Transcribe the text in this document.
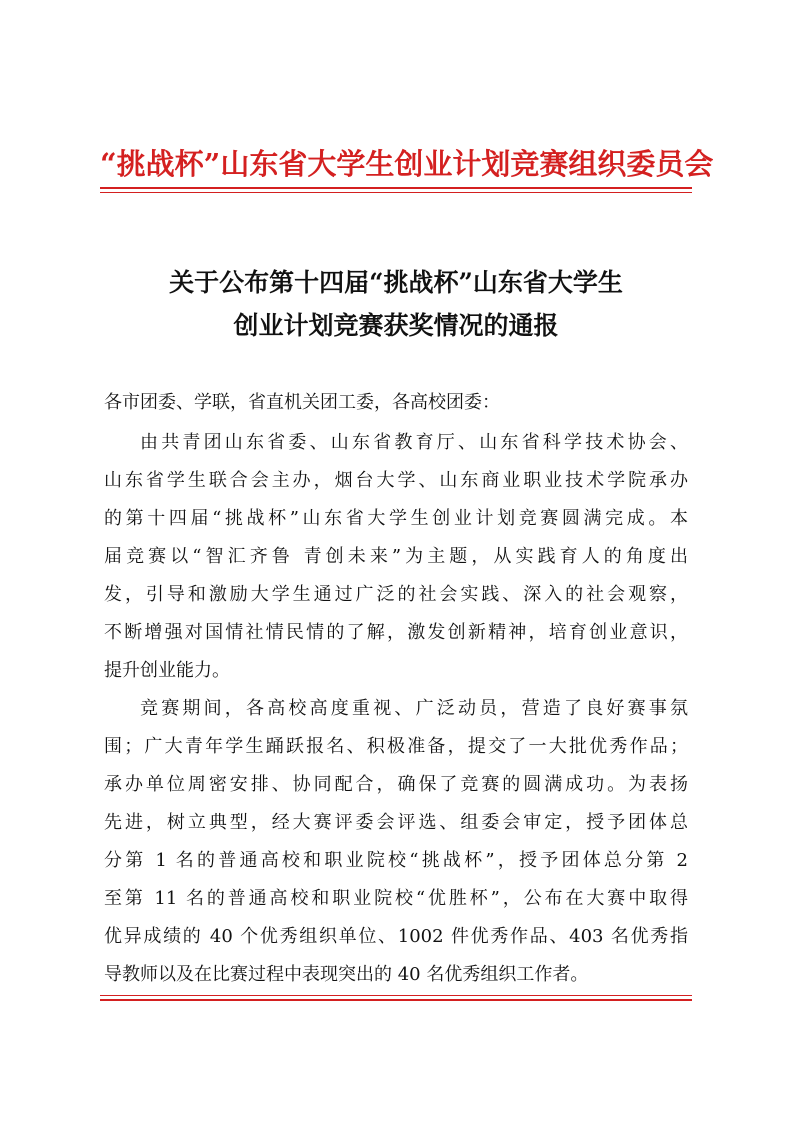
“挑战杯”山东省大学生创业计划竞赛组织委员会
关于公布第十四届“挑战杯”山东省大学生
创业计划竞赛获奖情况的通报
各市团委、学联，省直机关团工委，各高校团委：
由共青团山东省委、山东省教育厅、山东省科学技术协会、
山东省学生联合会主办，烟台大学、山东商业职业技术学院承办
的第十四届“挑战杯”山东省大学生创业计划竞赛圆满完成。本
届竞赛以“智汇齐鲁 青创未来”为主题，从实践育人的角度出
发，引导和激励大学生通过广泛的社会实践、深入的社会观察，
不断增强对国情社情民情的了解，激发创新精神，培育创业意识，
提升创业能力。
竞赛期间，各高校高度重视、广泛动员，营造了良好赛事氛
围；广大青年学生踊跃报名、积极准备，提交了一大批优秀作品；
承办单位周密安排、协同配合，确保了竞赛的圆满成功。为表扬
先进，树立典型，经大赛评委会评选、组委会审定，授予团体总
分第 1 名的普通高校和职业院校“挑战杯”，授予团体总分第 2
至第 11 名的普通高校和职业院校“优胜杯”，公布在大赛中取得
优异成绩的 40 个优秀组织单位、1002 件优秀作品、403 名优秀指
导教师以及在比赛过程中表现突出的 40 名优秀组织工作者。
